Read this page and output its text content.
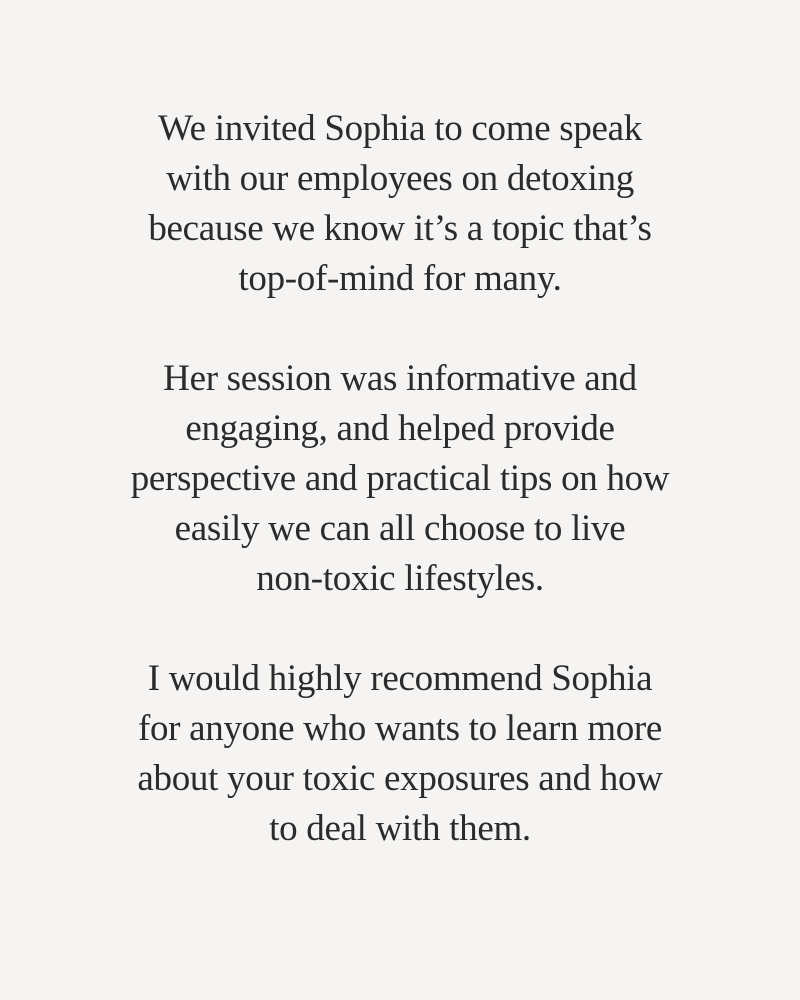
We invited Sophia to come speak
with our employees on detoxing
because we know it’s a topic that’s
top-of-mind for many.

Her session was informative and
engaging, and helped provide
perspective and practical tips on how
easily we can all choose to live
non-toxic lifestyles.

I would highly recommend Sophia
for anyone who wants to learn more
about your toxic exposures and how
to deal with them.
